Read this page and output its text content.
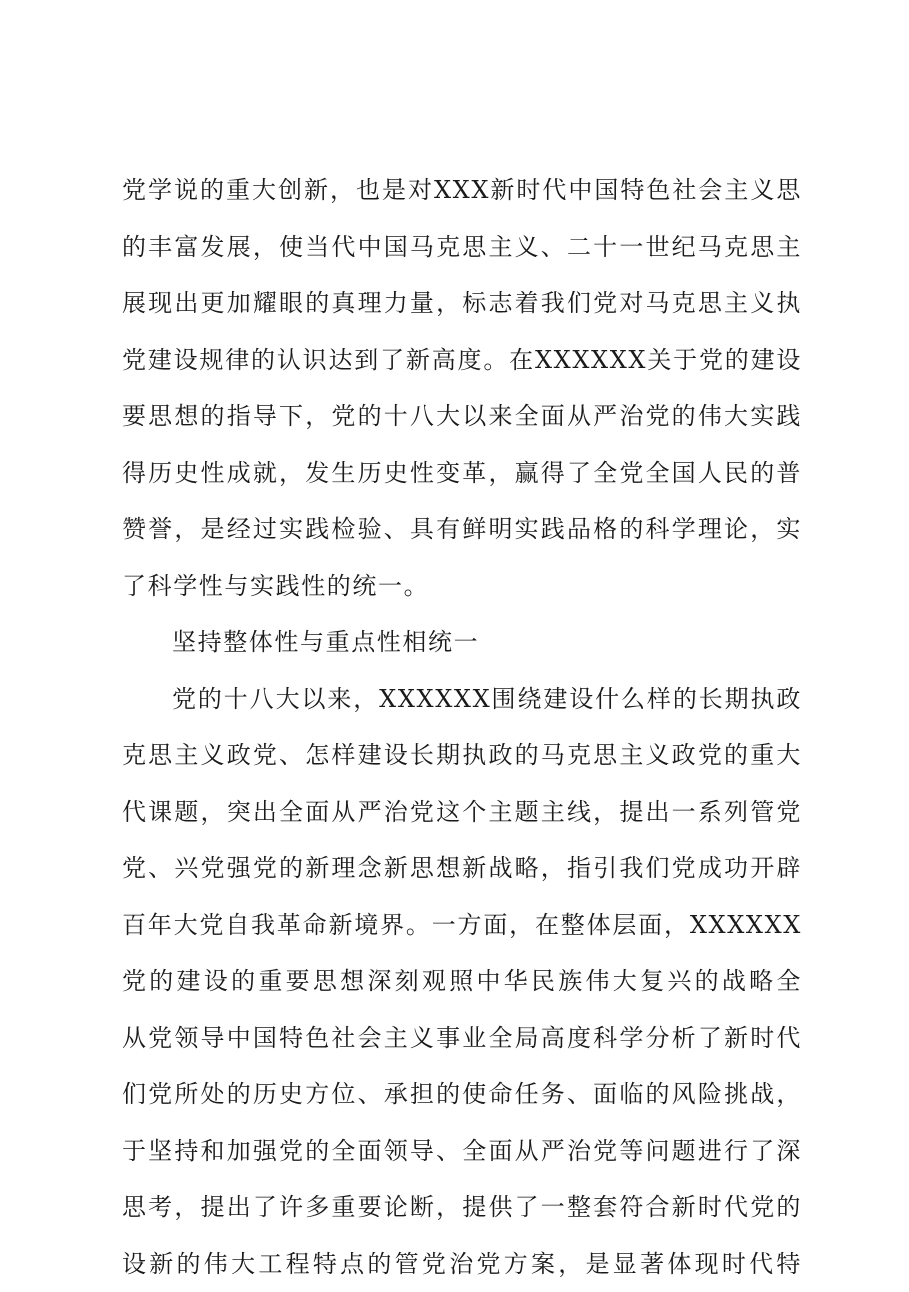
党学说的重大创新，也是对XXX新时代中国特色社会主义思
的丰富发展，使当代中国马克思主义、二十一世纪马克思主
展现出更加耀眼的真理力量，标志着我们党对马克思主义执
党建设规律的认识达到了新高度。在XXXXXX关于党的建设
要思想的指导下，党的十八大以来全面从严治党的伟大实践
得历史性成就，发生历史性变革，赢得了全党全国人民的普
赞誉，是经过实践检验、具有鲜明实践品格的科学理论，实
了科学性与实践性的统一。
坚持整体性与重点性相统一
党的十八大以来，XXXXXX围绕建设什么样的长期执政
克思主义政党、怎样建设长期执政的马克思主义政党的重大
代课题，突出全面从严治党这个主题主线，提出一系列管党
党、兴党强党的新理念新思想新战略，指引我们党成功开辟
百年大党自我革命新境界。一方面，在整体层面，XXXXXX
党的建设的重要思想深刻观照中华民族伟大复兴的战略全
从党领导中国特色社会主义事业全局高度科学分析了新时代
们党所处的历史方位、承担的使命任务、面临的风险挑战，
于坚持和加强党的全面领导、全面从严治党等问题进行了深
思考，提出了许多重要论断，提供了一整套符合新时代党的
设新的伟大工程特点的管党治党方案，是显著体现时代特
